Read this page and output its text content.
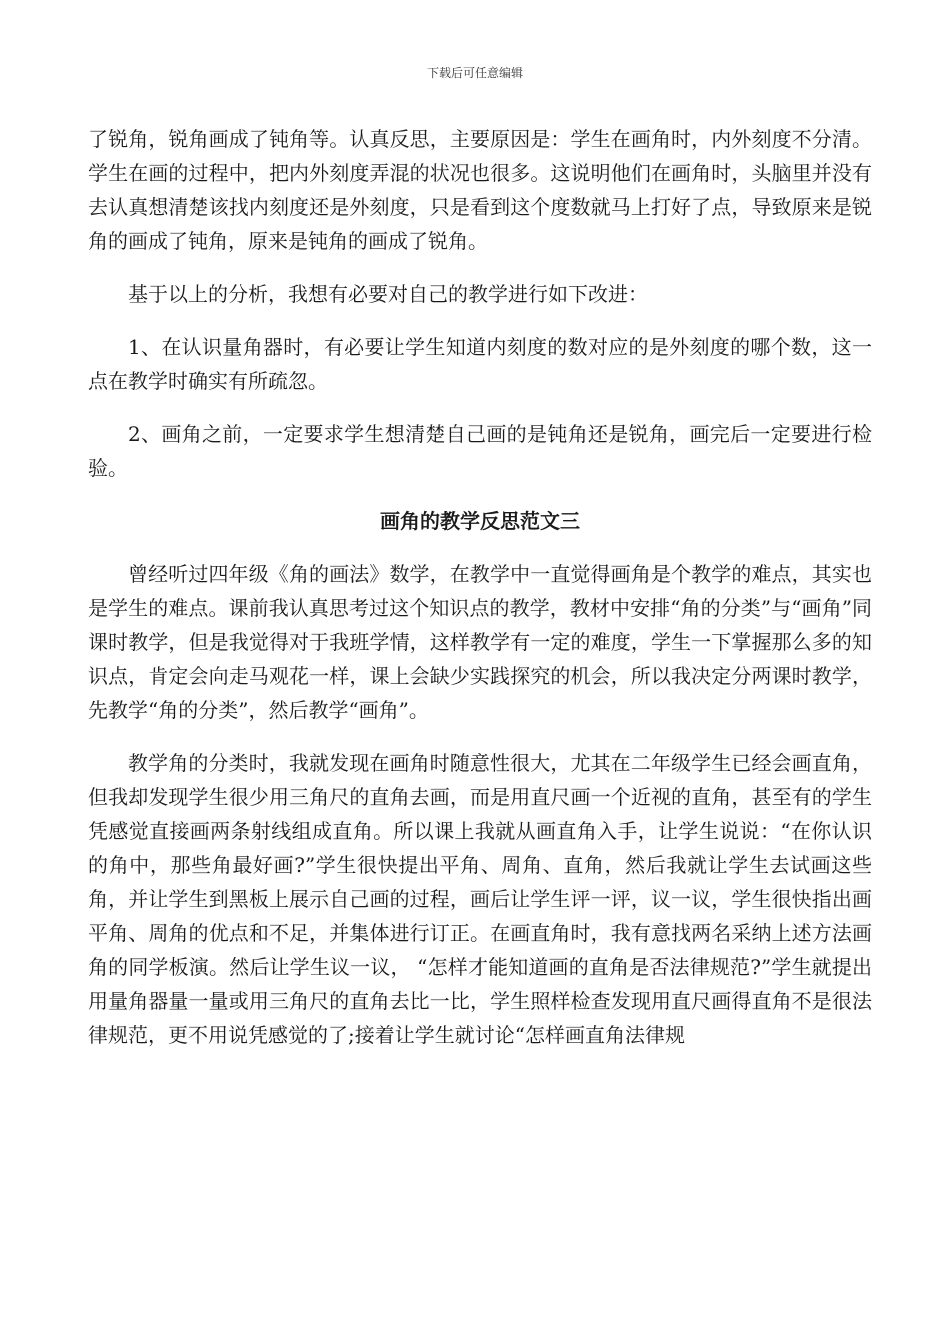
下载后可任意编辑

了锐角，锐角画成了钝角等。认真反思，主要原因是：学生在画角时，内外刻度不分清。学生在画的过程中，把内外刻度弄混的状况也很多。这说明他们在画角时，头脑里并没有去认真想清楚该找内刻度还是外刻度，只是看到这个度数就马上打好了点，导致原来是锐角的画成了钝角，原来是钝角的画成了锐角。

基于以上的分析，我想有必要对自己的教学进行如下改进：

1、在认识量角器时，有必要让学生知道内刻度的数对应的是外刻度的哪个数，这一点在教学时确实有所疏忽。

2、画角之前，一定要求学生想清楚自己画的是钝角还是锐角，画完后一定要进行检验。

画角的教学反思范文三

曾经听过四年级《角的画法》数学，在教学中一直觉得画角是个教学的难点，其实也是学生的难点。课前我认真思考过这个知识点的教学，教材中安排“角的分类”与“画角”同课时教学，但是我觉得对于我班学情，这样教学有一定的难度，学生一下掌握那么多的知识点，肯定会向走马观花一样，课上会缺少实践探究的机会，所以我决定分两课时教学，先教学“角的分类”，然后教学“画角”。

教学角的分类时，我就发现在画角时随意性很大，尤其在二年级学生已经会画直角，但我却发现学生很少用三角尺的直角去画，而是用直尺画一个近视的直角，甚至有的学生凭感觉直接画两条射线组成直角。所以课上我就从画直角入手，让学生说说：“在你认识的角中，那些角最好画?”学生很快提出平角、周角、直角，然后我就让学生去试画这些角，并让学生到黑板上展示自己画的过程，画后让学生评一评，议一议，学生很快指出画平角、周角的优点和不足，并集体进行订正。在画直角时，我有意找两名采纳上述方法画角的同学板演。然后让学生议一议， “怎样才能知道画的直角是否法律规范?”学生就提出用量角器量一量或用三角尺的直角去比一比，学生照样检查发现用直尺画得直角不是很法律规范，更不用说凭感觉的了;接着让学生就讨论“怎样画直角法律规
